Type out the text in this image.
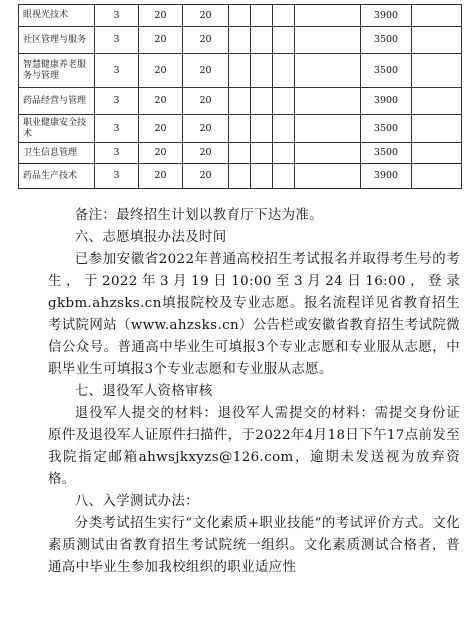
眼视光技术	3	20	20					3900	
社区管理与服务	3	20	20					3500	
智慧健康养老服务与管理	3	20	20					3500	
药品经营与管理	3	20	20					3900	
职业健康安全技术	3	20	20					3500	
卫生信息管理	3	20	20					3500	
药品生产技术	3	20	20					3900	

备注：最终招生计划以教育厅下达为准。

六、志愿填报办法及时间

已参加安徽省2022年普通高校招生考试报名并取得考生号的考生，于2022年3月19日10:00至3月24日16:00，登录gkbm.ahzsks.cn填报院校及专业志愿。报名流程详见省教育招生考试院网站（www.ahzsks.cn）公告栏或安徽省教育招生考试院微信公众号。普通高中毕业生可填报3个专业志愿和专业服从志愿，中职毕业生可填报3个专业志愿和专业服从志愿。

七、退役军人资格审核

退役军人提交的材料：退役军人需提交的材料：需提交身份证原件及退役军人证原件扫描件，于2022年4月18日下午17点前发至我院指定邮箱ahwsjkxyzs@126.com，逾期未发送视为放弃资格。

八、入学测试办法：

分类考试招生实行“文化素质+职业技能”的考试评价方式。文化素质测试由省教育招生考试院统一组织。文化素质测试合格者，普通高中毕业生参加我校组织的职业适应性
